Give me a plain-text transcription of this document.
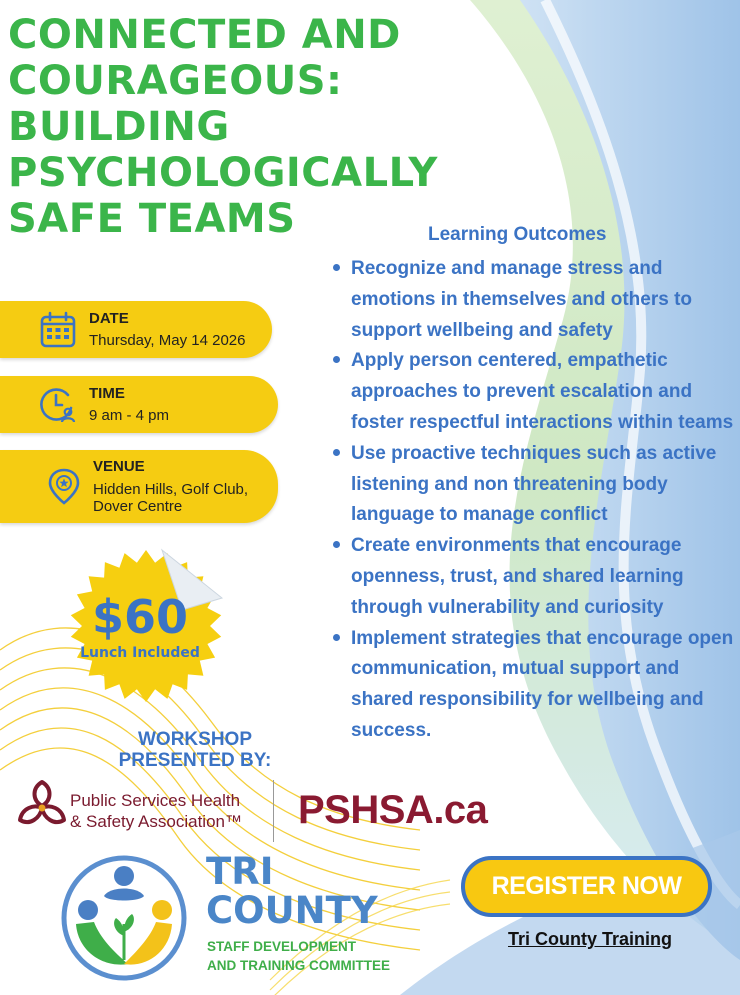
CONNECTED AND
COURAGEOUS:
BUILDING
PSYCHOLOGICALLY
SAFE TEAMS
DATE
Thursday, May 14 2026
TIME
9 am - 4 pm
VENUE
Hidden Hills, Golf Club,
Dover Centre
$60
Lunch Included
Learning Outcomes
Recognize and manage stress and emotions in themselves and others to support wellbeing and safety
Apply person centered, empathetic approaches to prevent escalation and foster respectful interactions within teams
Use proactive techniques such as active listening and non threatening body language to manage conflict
Create environments that encourage openness, trust, and shared learning through vulnerability and curiosity
Implement strategies that encourage open communication, mutual support and shared responsibility for wellbeing and success.
WORKSHOP
PRESENTED BY:
Public Services Health
& Safety Association™ PSHSA.ca
TRI
COUNTY
STAFF DEVELOPMENT
AND TRAINING COMMITTEE
REGISTER NOW
Tri County Training
